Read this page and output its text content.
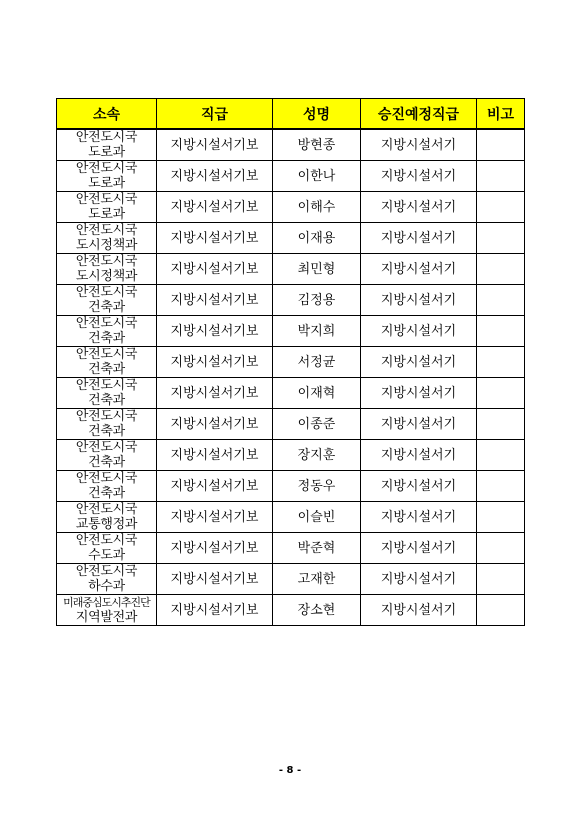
소속	직급	성명	승진예정직급	비고

안전도시국
도로과	지방시설서기보	방현종	지방시설서기	

안전도시국
도로과	지방시설서기보	이한나	지방시설서기	

안전도시국
도로과	지방시설서기보	이해수	지방시설서기	

안전도시국
도시정책과	지방시설서기보	이재용	지방시설서기	

안전도시국
도시정책과	지방시설서기보	최민형	지방시설서기	

안전도시국
건축과	지방시설서기보	김정용	지방시설서기	

안전도시국
건축과	지방시설서기보	박지희	지방시설서기	

안전도시국
건축과	지방시설서기보	서정균	지방시설서기	

안전도시국
건축과	지방시설서기보	이재혁	지방시설서기	

안전도시국
건축과	지방시설서기보	이종준	지방시설서기	

안전도시국
건축과	지방시설서기보	장지훈	지방시설서기	

안전도시국
건축과	지방시설서기보	정동우	지방시설서기	

안전도시국
교통행정과	지방시설서기보	이슬빈	지방시설서기	

안전도시국
수도과	지방시설서기보	박준혁	지방시설서기	

안전도시국
하수과	지방시설서기보	고재한	지방시설서기	

미래중심도시추진단
지역발전과	지방시설서기보	장소현	지방시설서기	
- 8 -
